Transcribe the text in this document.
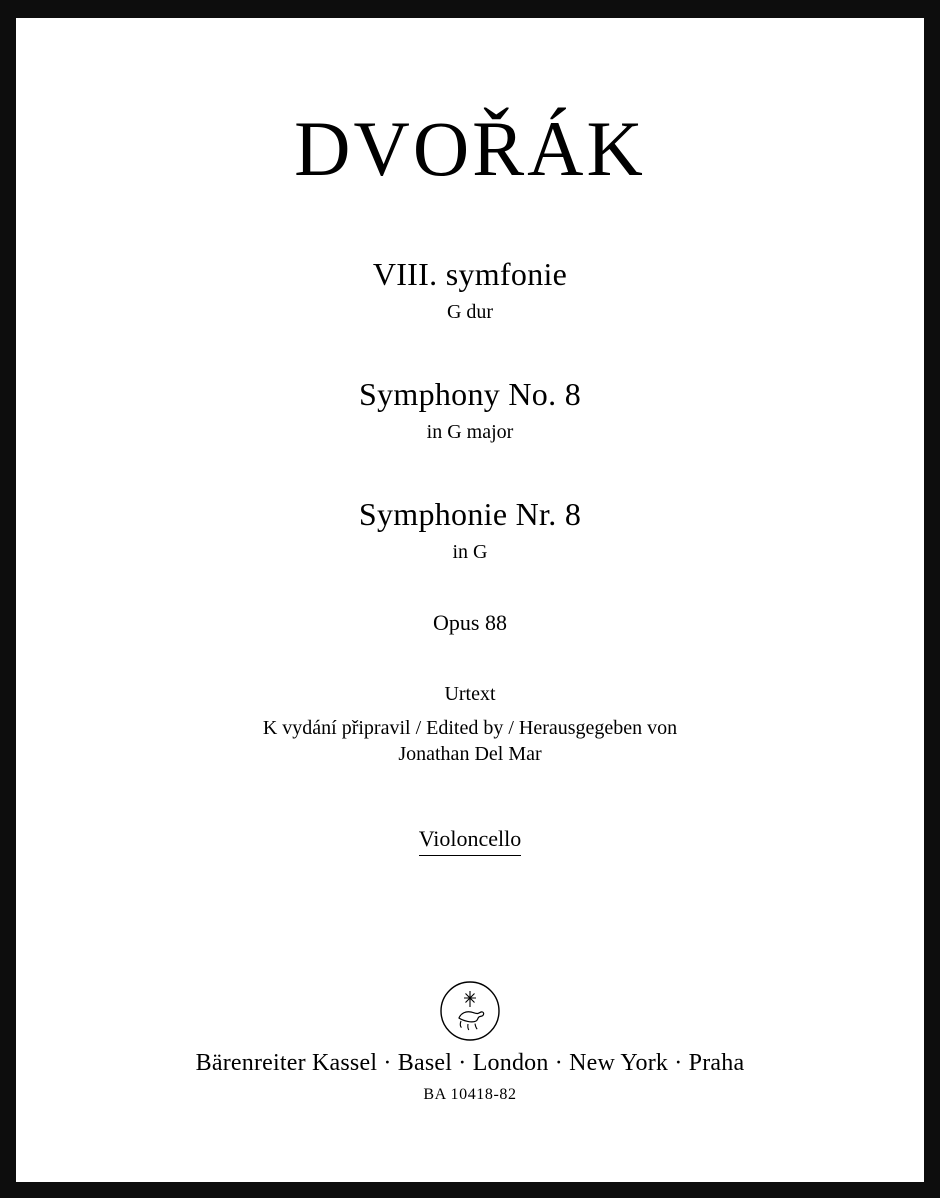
DVOŘÁK
VIII. symfonie
G dur
Symphony No. 8
in G major
Symphonie Nr. 8
in G
Opus 88
Urtext
K vydání připravil / Edited by / Herausgegeben von
Jonathan Del Mar
Violoncello
Bärenreiter Kassel · Basel · London · New York · Praha
BA 10418-82
